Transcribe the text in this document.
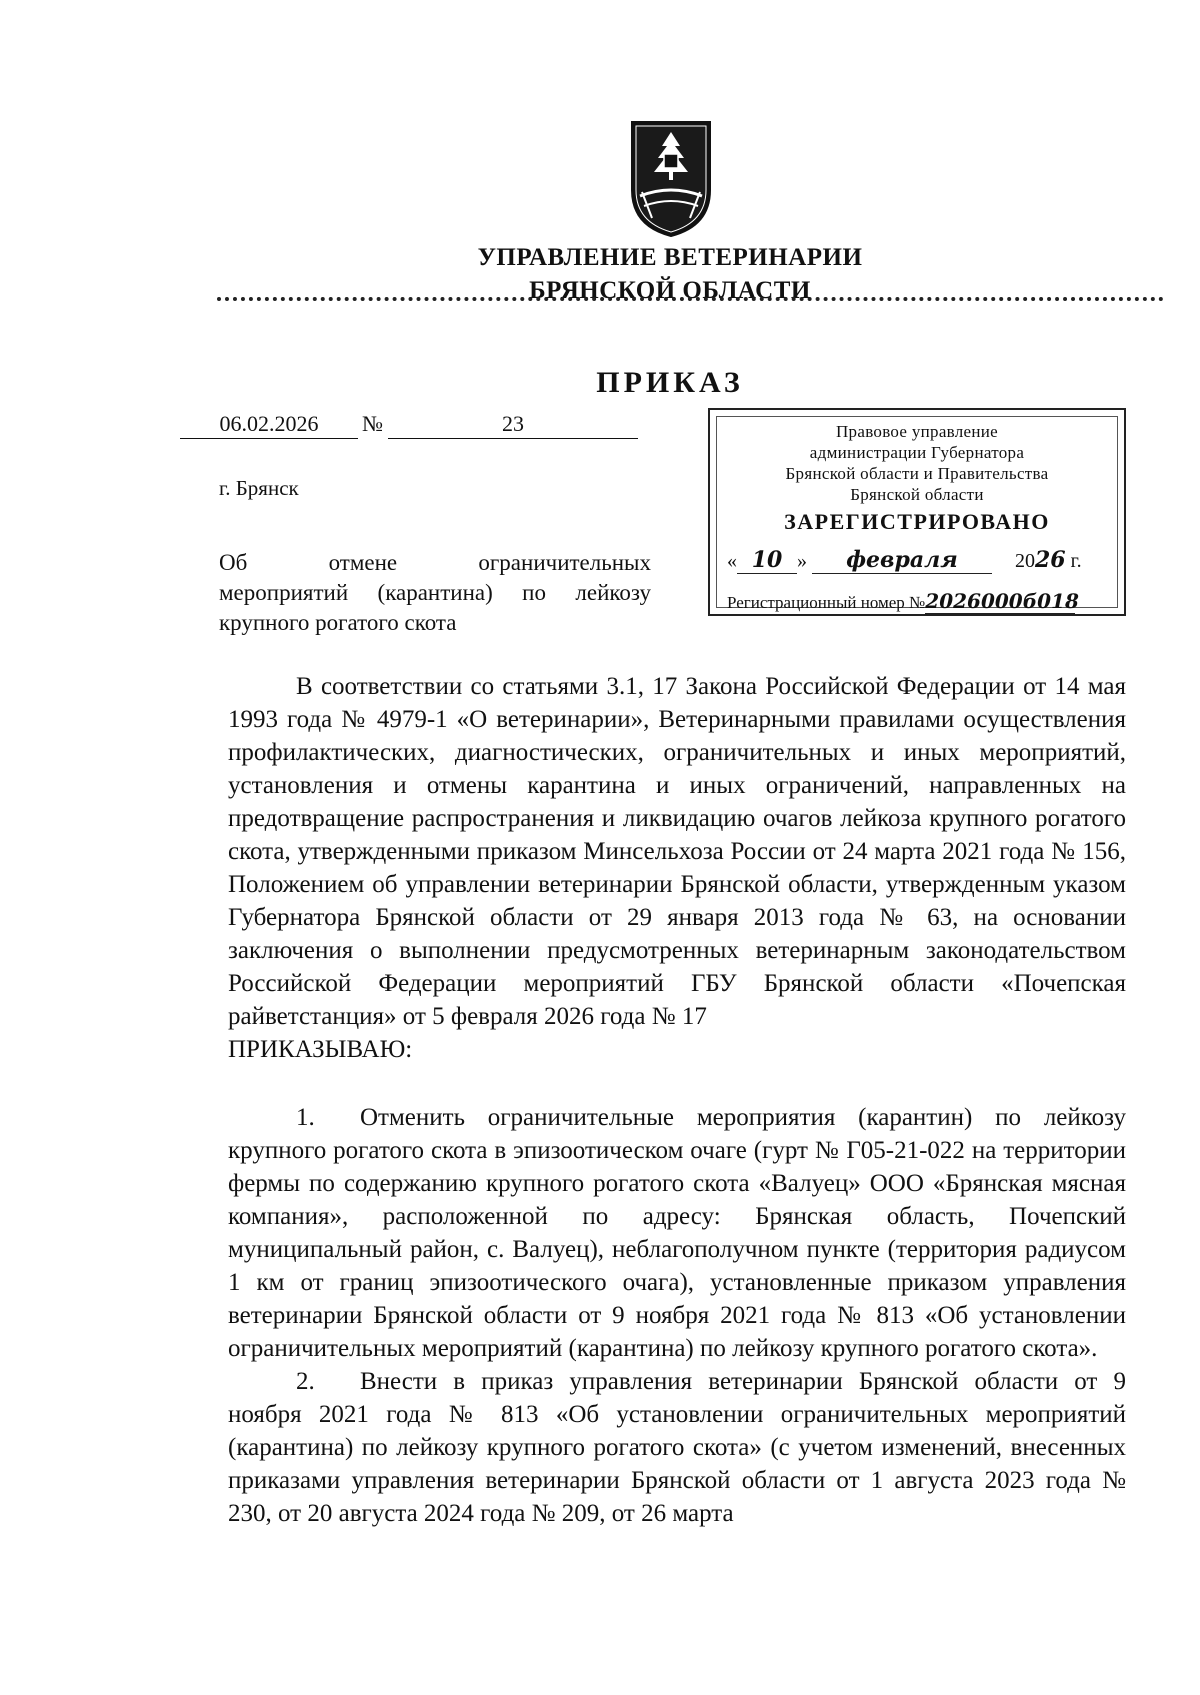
УПРАВЛЕНИЕ ВЕТЕРИНАРИИ
БРЯНСКОЙ ОБЛАСТИ
ПРИКАЗ
06.02.2026	№	23
г. Брянск
Об отмене ограничительных
мероприятий (карантина) по лейкозу
крупного рогатого скота
Правовое управление
администрации Губернатора
Брянской области и Правительства
Брянской области
ЗАРЕГИСТРИРОВАНО
« 10 » февраля	2026 г.
Регистрационный номер №2026000б018

В соответствии со статьями 3.1, 17 Закона Российской Федерации от 14 мая 1993 года № 4979-1 «О ветеринарии», Ветеринарными правилами осуществления профилактических, диагностических, ограничительных и иных мероприятий, установления и отмены карантина и иных ограничений, направленных на предотвращение распространения и ликвидацию очагов лейкоза крупного рогатого скота, утвержденными приказом Минсельхоза России от 24 марта 2021 года № 156, Положением об управлении ветеринарии Брянской области, утвержденным указом Губернатора Брянской области от 29 января 2013 года № 63, на основании заключения о выполнении предусмотренных ветеринарным законодательством Российской Федерации мероприятий ГБУ Брянской области «Почепская райветстанция» от 5 февраля 2026 года № 17

ПРИКАЗЫВАЮ:

1. Отменить ограничительные мероприятия (карантин) по лейкозу крупного рогатого скота в эпизоотическом очаге (гурт № Г05-21-022 на территории фермы по содержанию крупного рогатого скота «Валуец» ООО «Брянская мясная компания», расположенной по адресу: Брянская область, Почепский муниципальный район, с. Валуец), неблагополучном пункте (территория радиусом 1 км от границ эпизоотического очага), установленные приказом управления ветеринарии Брянской области от 9 ноября 2021 года № 813 «Об установлении ограничительных мероприятий (карантина) по лейкозу крупного рогатого скота».

2. Внести в приказ управления ветеринарии Брянской области от 9 ноября 2021 года № 813 «Об установлении ограничительных мероприятий (карантина) по лейкозу крупного рогатого скота» (с учетом изменений, внесенных приказами управления ветеринарии Брянской области от 1 августа 2023 года № 230, от 20 августа 2024 года № 209, от 26 марта
